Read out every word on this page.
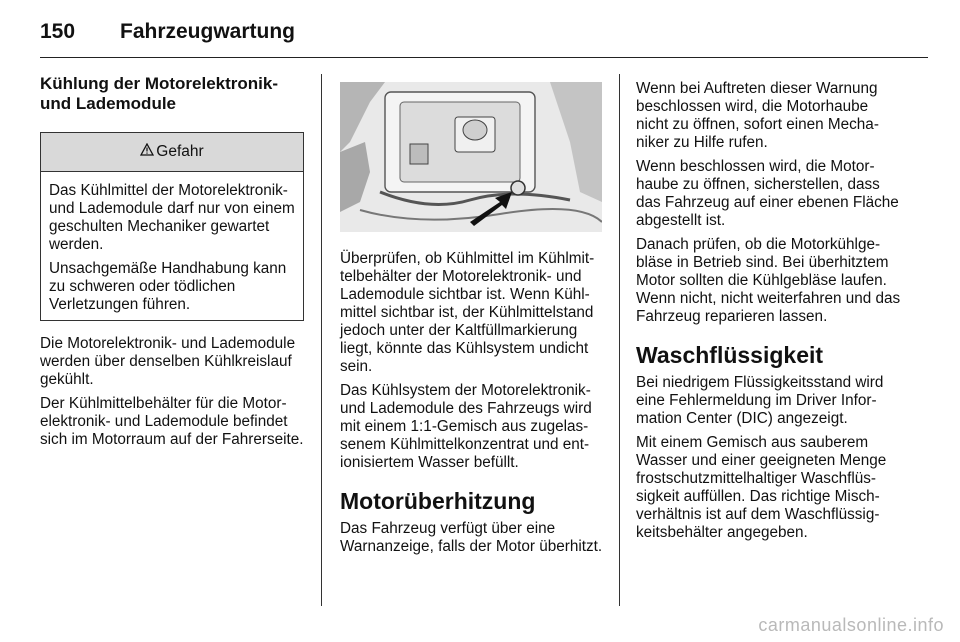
150 Fahrzeugwartung
Kühlung der Motorelektronik- und Lademodule
Gefahr

Das Kühlmittel der Motorelektronik- und Lademodule darf nur von einem geschulten Mechaniker gewartet werden.

Unsachgemäße Handhabung kann zu schweren oder tödlichen Verletzungen führen.

Die Motorelektronik- und Lademodule werden über denselben Kühlkreislauf gekühlt.

Der Kühlmittelbehälter für die Motorelektronik- und Lademodule befindet sich im Motorraum auf der Fahrerseite.

Überprüfen, ob Kühlmittel im Kühlmittelbehälter der Motorelektronik- und Lademodule sichtbar ist. Wenn Kühlmittel sichtbar ist, der Kühlmittelstand jedoch unter der Kaltfüllmarkierung liegt, könnte das Kühlsystem undicht sein.

Das Kühlsystem der Motorelektronik- und Lademodule des Fahrzeugs wird mit einem 1:1-Gemisch aus zugelassenem Kühlmittelkonzentrat und entionisiertem Wasser befüllt.

Motorüberhitzung

Das Fahrzeug verfügt über eine Warnanzeige, falls der Motor überhitzt.

Wenn bei Auftreten dieser Warnung beschlossen wird, die Motorhaube nicht zu öffnen, sofort einen Mechaniker zu Hilfe rufen.

Wenn beschlossen wird, die Motorhaube zu öffnen, sicherstellen, dass das Fahrzeug auf einer ebenen Fläche abgestellt ist.

Danach prüfen, ob die Motorkühlgebläse in Betrieb sind. Bei überhitztem Motor sollten die Kühlgebläse laufen. Wenn nicht, nicht weiterfahren und das Fahrzeug reparieren lassen.

Waschflüssigkeit

Bei niedrigem Flüssigkeitsstand wird eine Fehlermeldung im Driver Information Center (DIC) angezeigt.

Mit einem Gemisch aus sauberem Wasser und einer geeigneten Menge frostschutzmittelhaltiger Waschflüssigkeit auffüllen. Das richtige Mischverhältnis ist auf dem Waschflüssigkeitsbehälter angegeben.

carmanualsonline.info
